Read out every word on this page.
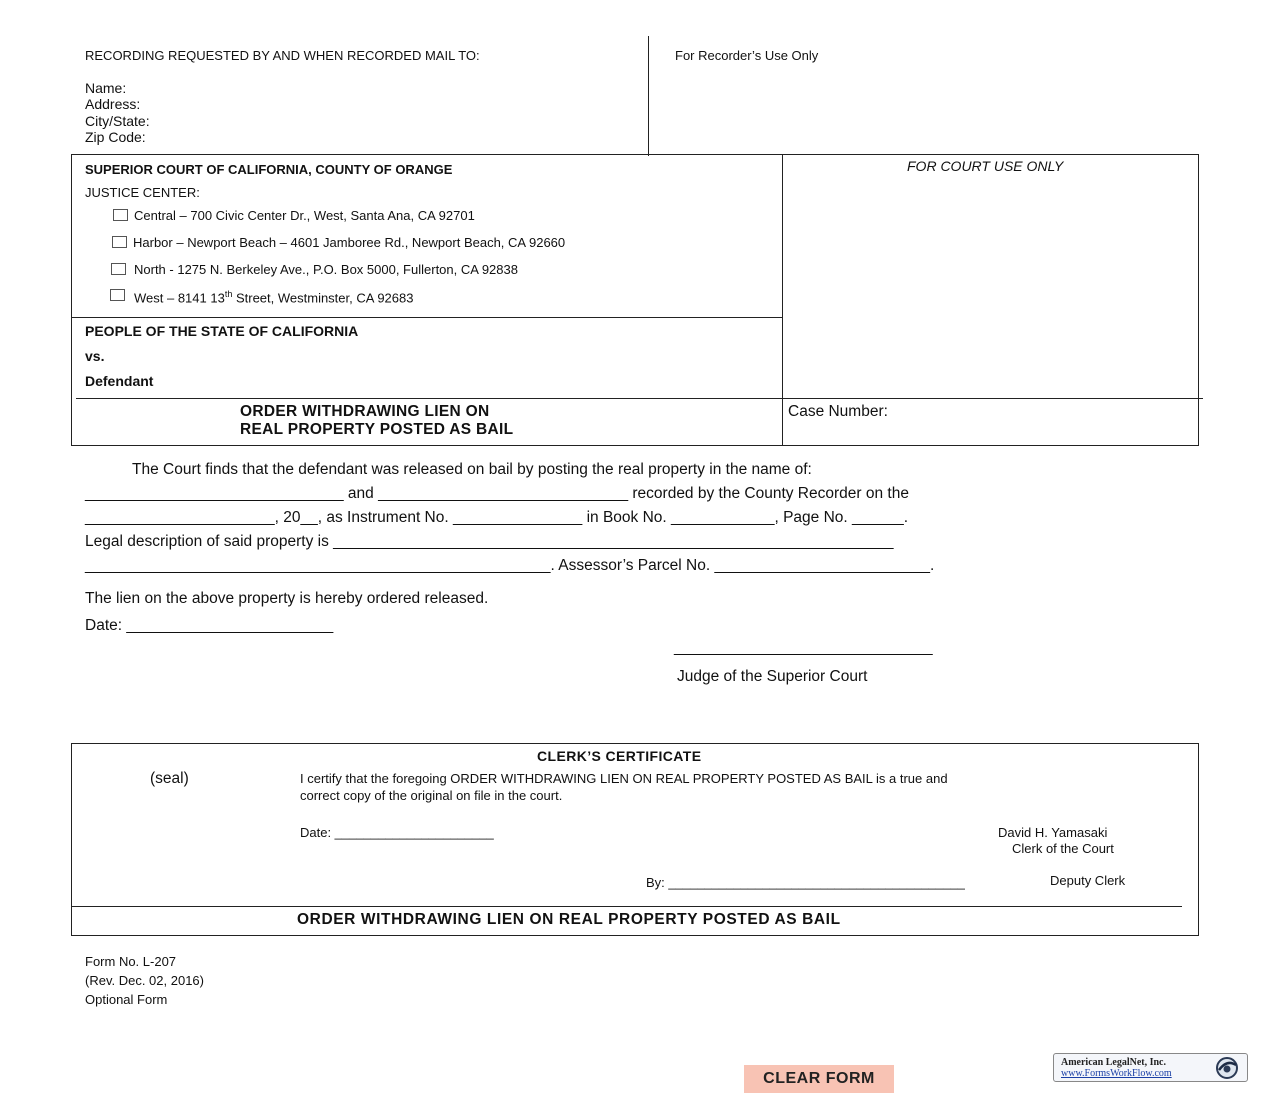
RECORDING REQUESTED BY AND WHEN RECORDED MAIL TO:	For Recorder’s Use Only
Name:
Address:
City/State:
Zip Code:
SUPERIOR COURT OF CALIFORNIA, COUNTY OF ORANGE
JUSTICE CENTER:
FOR COURT USE ONLY
Central – 700 Civic Center Dr., West, Santa Ana, CA 92701
Harbor – Newport Beach – 4601 Jamboree Rd., Newport Beach, CA 92660
North - 1275 N. Berkeley Ave., P.O. Box 5000, Fullerton, CA 92838
West – 8141 13th Street, Westminster, CA 92683
PEOPLE OF THE STATE OF CALIFORNIA
vs.
Defendant
ORDER WITHDRAWING LIEN ON
REAL PROPERTY POSTED AS BAIL
Case Number:
The Court finds that the defendant was released on bail by posting the real property in the name of:
______________________________ and _____________________________ recorded by the County Recorder on the
______________________, 20__, as Instrument No. _______________ in Book No. ____________, Page No. ______.
Legal description of said property is _________________________________________________________________
______________________________________________________. Assessor’s Parcel No. _________________________.
The lien on the above property is hereby ordered released.
Date: ________________________
______________________________
Judge of the Superior Court
CLERK’S CERTIFICATE
(seal)	I certify that the foregoing ORDER WITHDRAWING LIEN ON REAL PROPERTY POSTED AS BAIL is a true and
correct copy of the original on file in the court.
Date: ______________________	David H. Yamasaki
Clerk of the Court
By: _________________________________________	Deputy Clerk
ORDER WITHDRAWING LIEN ON REAL PROPERTY POSTED AS BAIL
Form No. L-207
(Rev. Dec. 02, 2016)
Optional Form
CLEAR FORM
American LegalNet, Inc.
www.FormsWorkFlow.com
